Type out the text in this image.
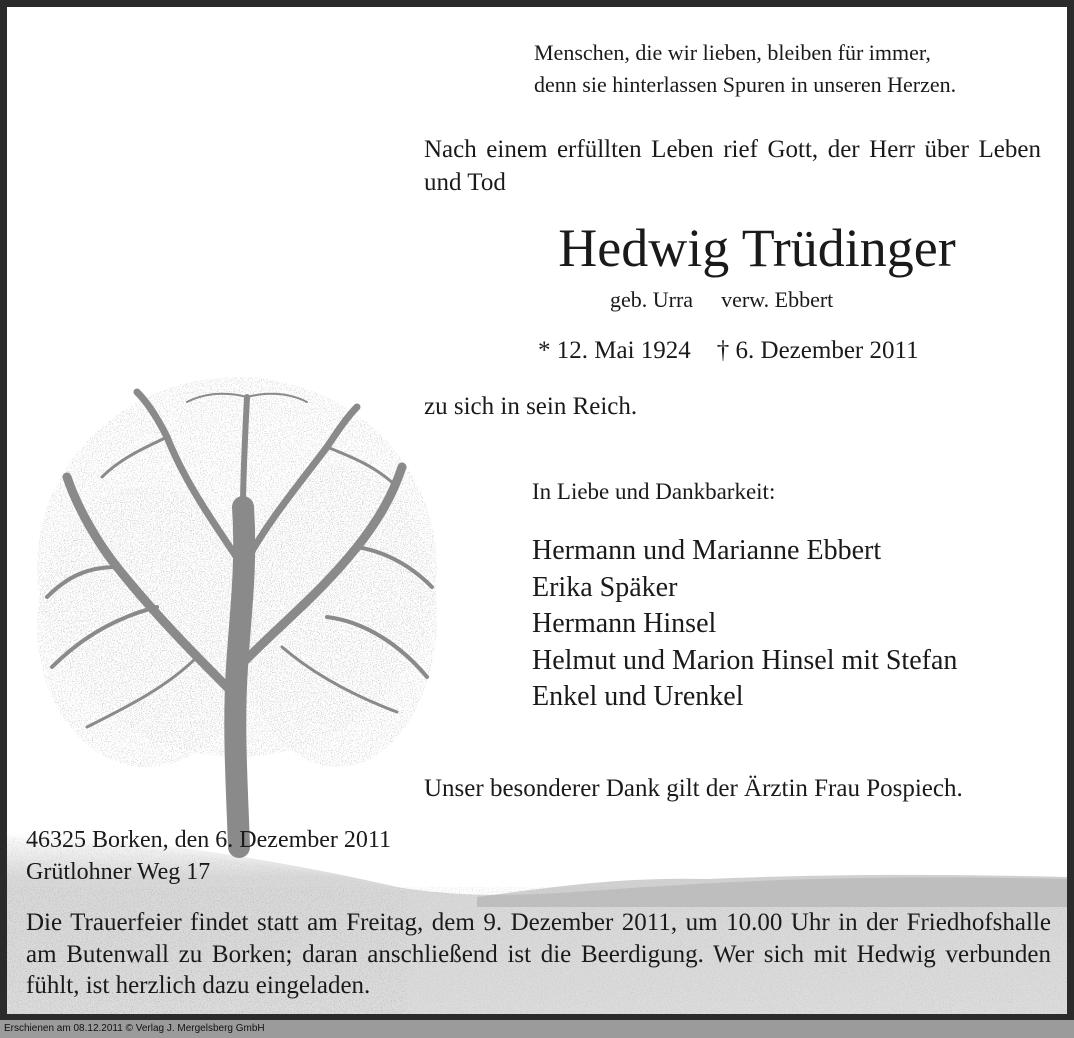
Menschen, die wir lieben, bleiben für immer,
denn sie hinterlassen Spuren in unseren Herzen.
Nach einem erfüllten Leben rief Gott, der Herr über Leben und Tod
Hedwig Trüdinger
geb. Urra verw. Ebbert
* 12. Mai 1924 † 6. Dezember 2011
zu sich in sein Reich.
In Liebe und Dankbarkeit:
Hermann und Marianne Ebbert
Erika Späker
Hermann Hinsel
Helmut und Marion Hinsel mit Stefan
Enkel und Urenkel
Unser besonderer Dank gilt der Ärztin Frau Pospiech.
46325 Borken, den 6. Dezember 2011
Grütlohner Weg 17
Die Trauerfeier findet statt am Freitag, dem 9. Dezember 2011, um 10.00 Uhr in der Friedhofshalle am Butenwall zu Borken; daran anschließend ist die Beerdigung. Wer sich mit Hedwig verbunden fühlt, ist herzlich dazu eingeladen.
Erschienen am 08.12.2011 © Verlag J. Mergelsberg GmbH
